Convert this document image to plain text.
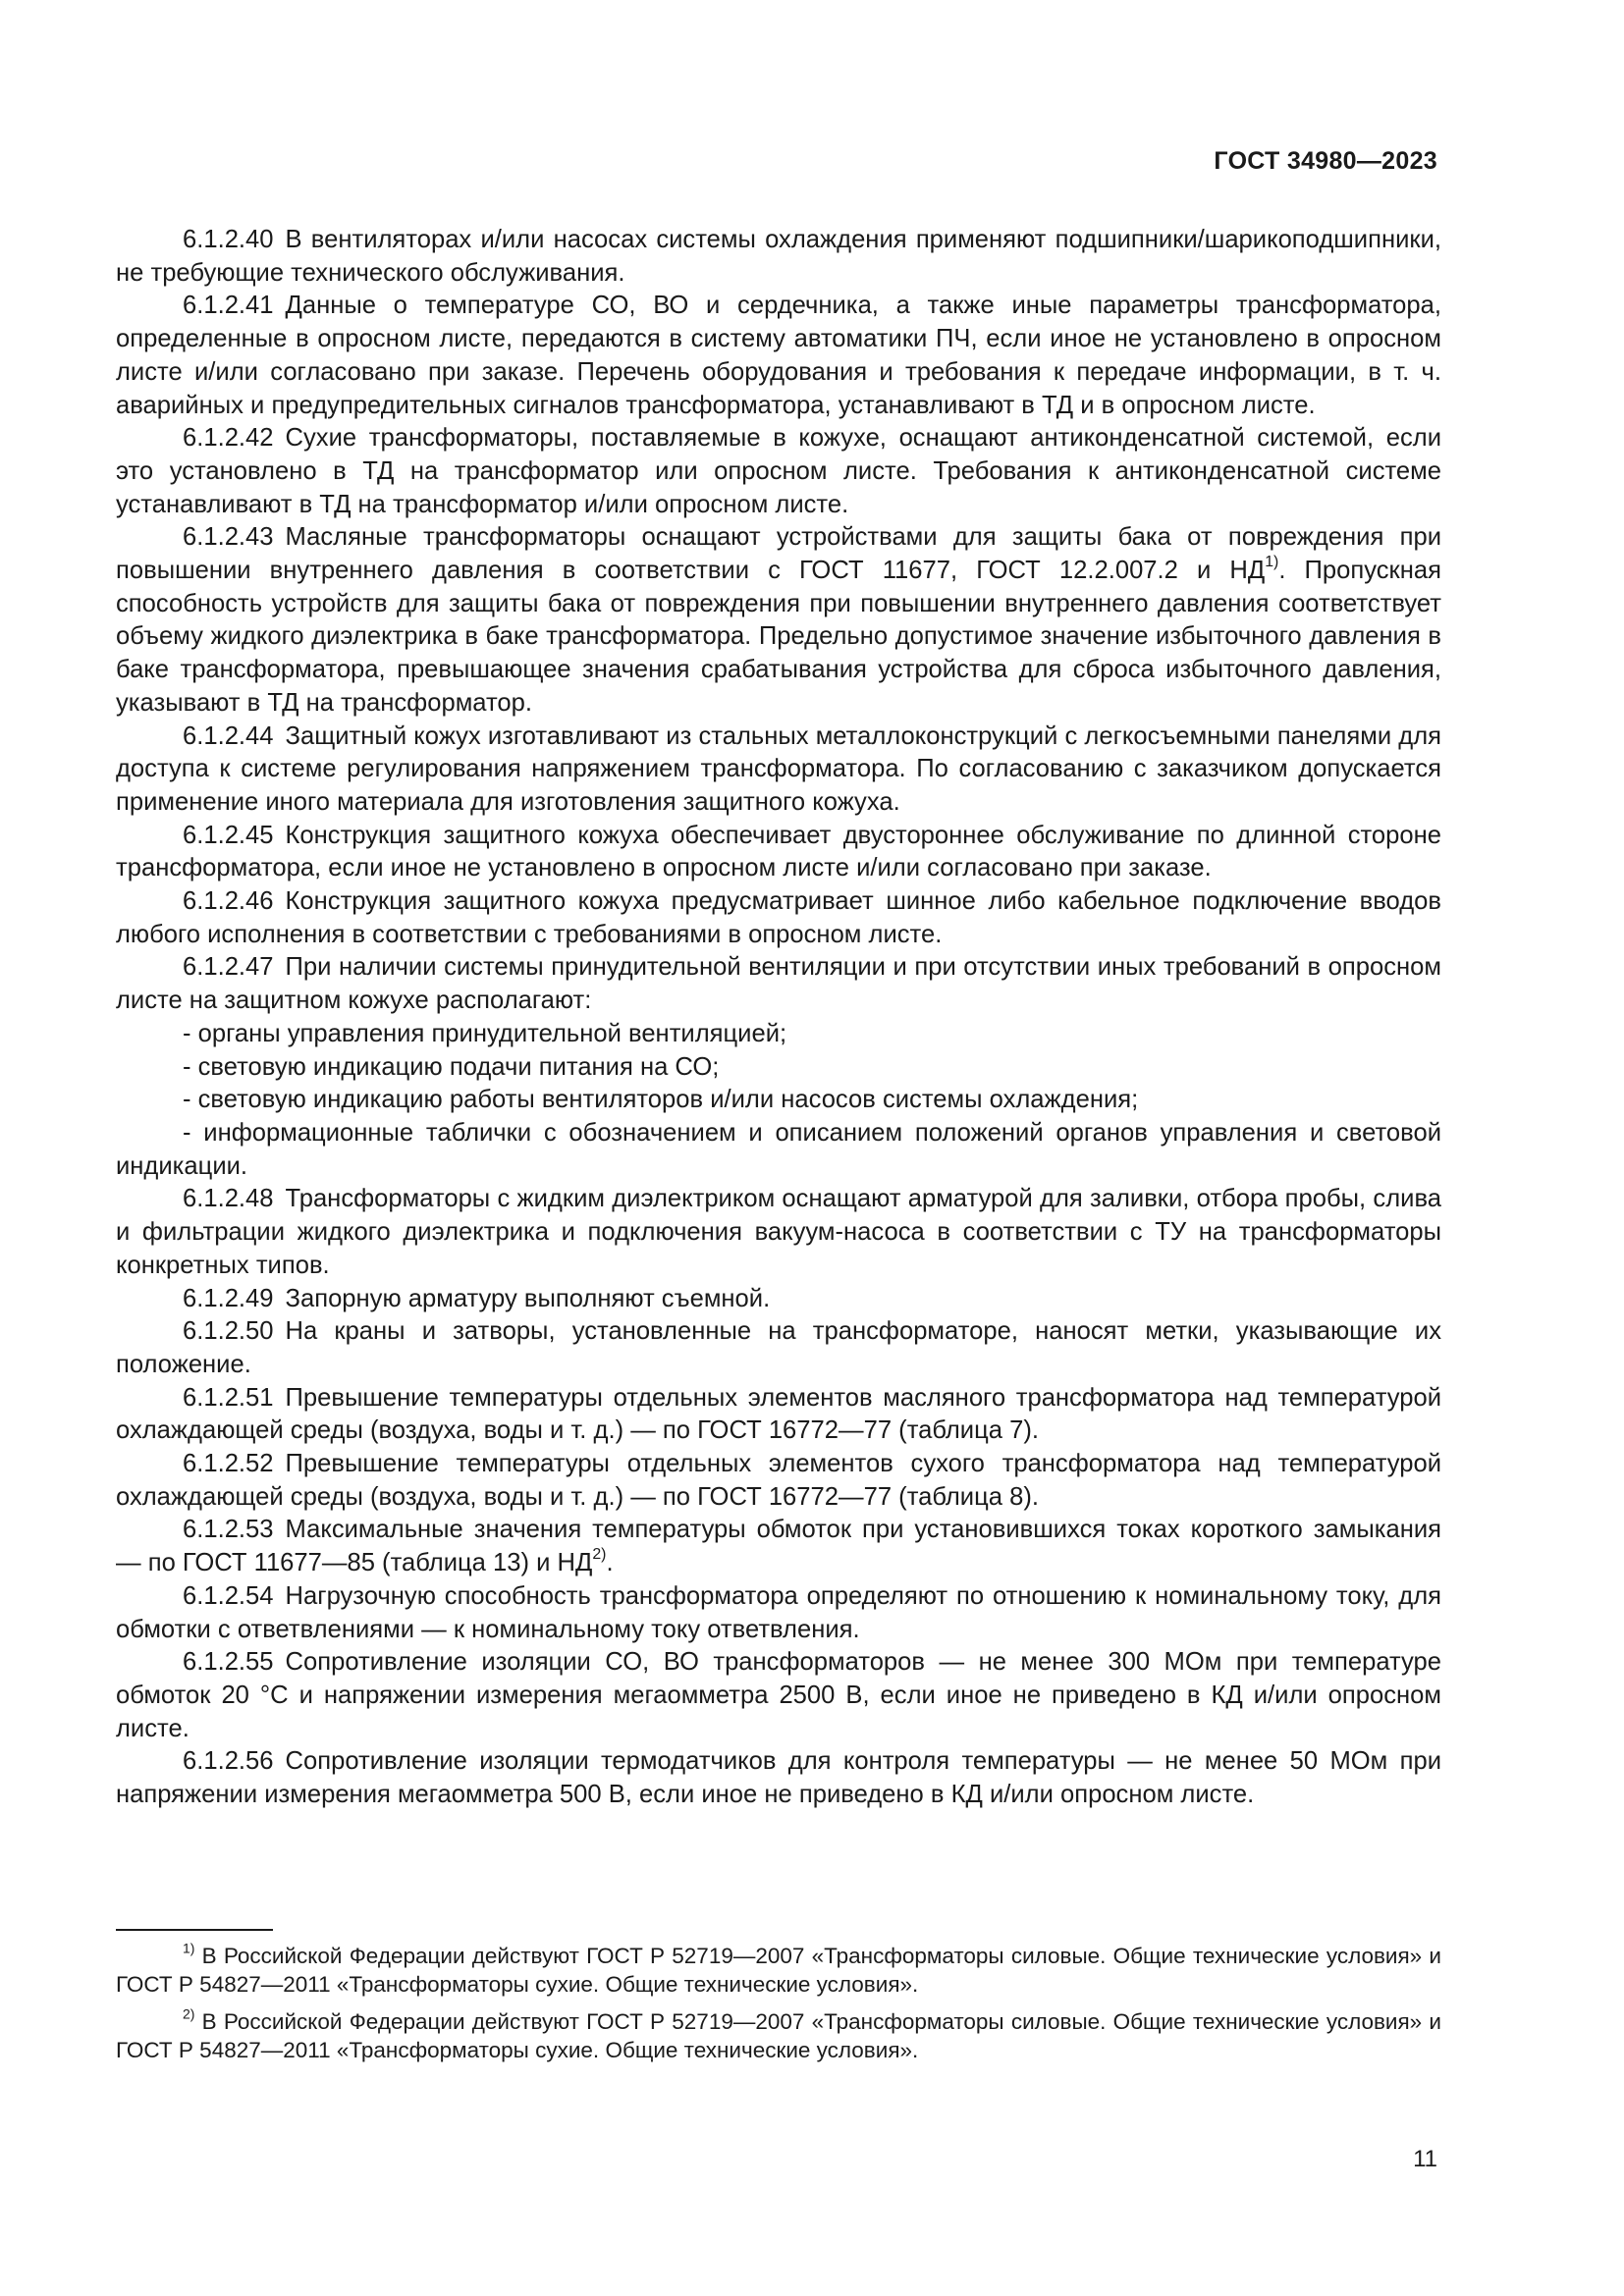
ГОСТ 34980—2023

6.1.2.40 В вентиляторах и/или насосах системы охлаждения применяют подшипники/шарикоподшипники, не требующие технического обслуживания.

6.1.2.41 Данные о температуре СО, ВО и сердечника, а также иные параметры трансформатора, определенные в опросном листе, передаются в систему автоматики ПЧ, если иное не установлено в опросном листе и/или согласовано при заказе. Перечень оборудования и требования к передаче информации, в т. ч. аварийных и предупредительных сигналов трансформатора, устанавливают в ТД и в опросном листе.

6.1.2.42 Сухие трансформаторы, поставляемые в кожухе, оснащают антиконденсатной системой, если это установлено в ТД на трансформатор или опросном листе. Требования к антиконденсатной системе устанавливают в ТД на трансформатор и/или опросном листе.

6.1.2.43 Масляные трансформаторы оснащают устройствами для защиты бака от повреждения при повышении внутреннего давления в соответствии с ГОСТ 11677, ГОСТ 12.2.007.2 и НД$^{1)}$. Пропускная способность устройств для защиты бака от повреждения при повышении внутреннего давления соответствует объему жидкого диэлектрика в баке трансформатора. Предельно допустимое значение избыточного давления в баке трансформатора, превышающее значения срабатывания устройства для сброса избыточного давления, указывают в ТД на трансформатор.

6.1.2.44 Защитный кожух изготавливают из стальных металлоконструкций с легкосъемными панелями для доступа к системе регулирования напряжением трансформатора. По согласованию с заказчиком допускается применение иного материала для изготовления защитного кожуха.

6.1.2.45 Конструкция защитного кожуха обеспечивает двустороннее обслуживание по длинной стороне трансформатора, если иное не установлено в опросном листе и/или согласовано при заказе.

6.1.2.46 Конструкция защитного кожуха предусматривает шинное либо кабельное подключение вводов любого исполнения в соответствии с требованиями в опросном листе.

6.1.2.47 При наличии системы принудительной вентиляции и при отсутствии иных требований в опросном листе на защитном кожухе располагают:

- органы управления принудительной вентиляцией;

- световую индикацию подачи питания на СО;

- световую индикацию работы вентиляторов и/или насосов системы охлаждения;

- информационные таблички с обозначением и описанием положений органов управления и световой индикации.

6.1.2.48 Трансформаторы с жидким диэлектриком оснащают арматурой для заливки, отбора пробы, слива и фильтрации жидкого диэлектрика и подключения вакуум-насоса в соответствии с ТУ на трансформаторы конкретных типов.

6.1.2.49 Запорную арматуру выполняют съемной.

6.1.2.50 На краны и затворы, установленные на трансформаторе, наносят метки, указывающие их положение.

6.1.2.51 Превышение температуры отдельных элементов масляного трансформатора над температурой охлаждающей среды (воздуха, воды и т. д.) — по ГОСТ 16772—77 (таблица 7).

6.1.2.52 Превышение температуры отдельных элементов сухого трансформатора над температурой охлаждающей среды (воздуха, воды и т. д.) — по ГОСТ 16772—77 (таблица 8).

6.1.2.53 Максимальные значения температуры обмоток при установившихся токах короткого замыкания — по ГОСТ 11677—85 (таблица 13) и НД$^{2)}$.

6.1.2.54 Нагрузочную способность трансформатора определяют по отношению к номинальному току, для обмотки с ответвлениями — к номинальному току ответвления.

6.1.2.55 Сопротивление изоляции СО, ВО трансформаторов — не менее 300 МОм при температуре обмоток 20 °C и напряжении измерения мегаомметра 2500 В, если иное не приведено в КД и/или опросном листе.

6.1.2.56 Сопротивление изоляции термодатчиков для контроля температуры — не менее 50 МОм при напряжении измерения мегаомметра 500 В, если иное не приведено в КД и/или опросном листе.

$^{1)}$ В Российской Федерации действуют ГОСТ Р 52719—2007 «Трансформаторы силовые. Общие технические условия» и ГОСТ Р 54827—2011 «Трансформаторы сухие. Общие технические условия».

$^{2)}$ В Российской Федерации действуют ГОСТ Р 52719—2007 «Трансформаторы силовые. Общие технические условия» и ГОСТ Р 54827—2011 «Трансформаторы сухие. Общие технические условия».

11
